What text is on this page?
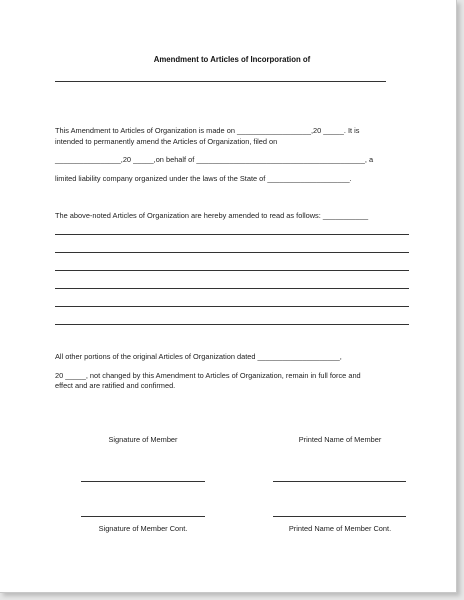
Amendment to Articles of Incorporation of
This Amendment to Articles of Organization is made on __________________,20 _____. It is
intended to permanently amend the Articles of Organization, filed on
________________,20 _____,on behalf of _________________________________________, a
limited liability company organized under the laws of the State of ____________________.
The above-noted Articles of Organization are hereby amended to read as follows: ___________
All other portions of the original Articles of Organization dated ____________________,
20 _____, not changed by this Amendment to Articles of Organization, remain in full force and
effect and are ratified and confirmed.
Signature of Member	Printed Name of Member
Signature of Member Cont.	Printed Name of Member Cont.
